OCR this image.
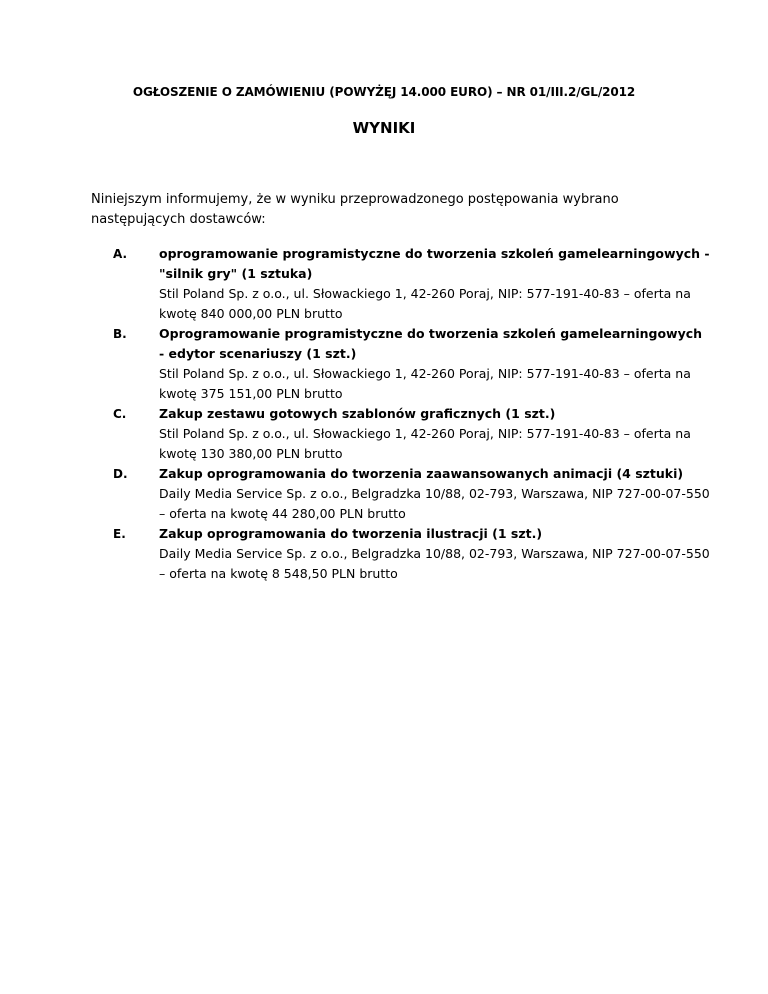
OGŁOSZENIE O ZAMÓWIENIU (POWYŻĘJ 14.000 EURO) – NR 01/III.2/GL/2012
WYNIKI
Niniejszym informujemy, że w wyniku przeprowadzonego postępowania wybrano następujących dostawców:
A.	oprogramowanie programistyczne do tworzenia szkoleń gamelearningowych - "silnik gry" (1 sztuka)
Stil Poland Sp. z o.o., ul. Słowackiego 1, 42-260 Poraj, NIP: 577-191-40-83 – oferta na kwotę 840 000,00 PLN brutto
B.	Oprogramowanie programistyczne do tworzenia szkoleń gamelearningowych - edytor scenariuszy (1 szt.)
Stil Poland Sp. z o.o., ul. Słowackiego 1, 42-260 Poraj, NIP: 577-191-40-83 – oferta na kwotę 375 151,00 PLN brutto
C.	Zakup zestawu gotowych szablonów graficznych (1 szt.)
Stil Poland Sp. z o.o., ul. Słowackiego 1, 42-260 Poraj, NIP: 577-191-40-83 – oferta na kwotę 130 380,00 PLN brutto
D.	Zakup oprogramowania do tworzenia zaawansowanych animacji (4 sztuki)
Daily Media Service Sp. z o.o., Belgradzka 10/88, 02-793, Warszawa, NIP 727-00-07-550 – oferta na kwotę 44 280,00 PLN brutto
E.	Zakup oprogramowania do tworzenia ilustracji (1 szt.)
Daily Media Service Sp. z o.o., Belgradzka 10/88, 02-793, Warszawa, NIP 727-00-07-550 – oferta na kwotę 8 548,50 PLN brutto
